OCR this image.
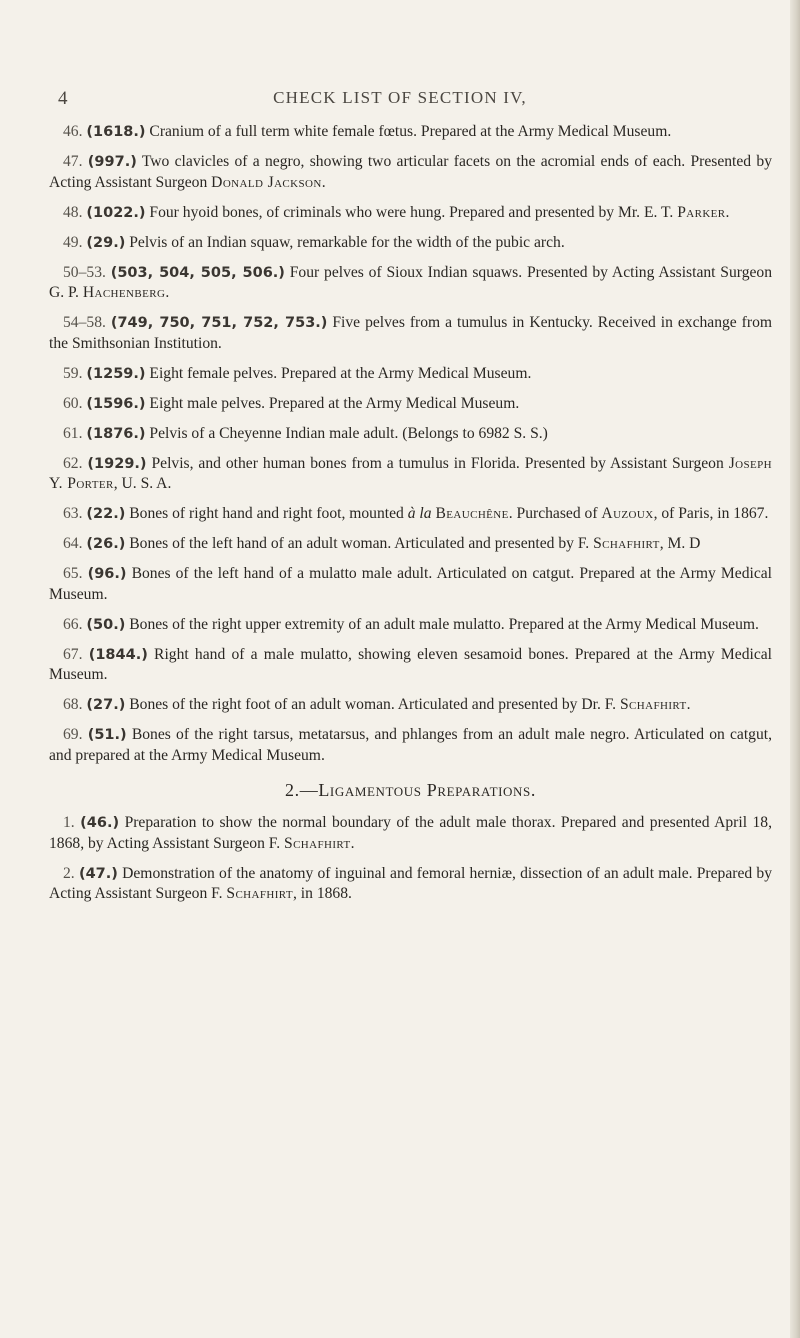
4	CHECK LIST OF SECTION IV,

46. (1618.) Cranium of a full term white female fœtus. Prepared at the Army Medical Museum.

47. (997.) Two clavicles of a negro, showing two articular facets on the acromial ends of each. Presented by Acting Assistant Surgeon Donald Jackson.

48. (1022.) Four hyoid bones, of criminals who were hung. Prepared and presented by Mr. E. T. Parker.

49. (29.) Pelvis of an Indian squaw, remarkable for the width of the pubic arch.

50–53. (503, 504, 505, 506.) Four pelves of Sioux Indian squaws. Presented by Acting Assistant Surgeon G. P. Hachenberg.

54–58. (749, 750, 751, 752, 753.) Five pelves from a tumulus in Kentucky. Received in exchange from the Smithsonian Institution.

59. (1259.) Eight female pelves. Prepared at the Army Medical Museum.

60. (1596.) Eight male pelves. Prepared at the Army Medical Museum.

61. (1876.) Pelvis of a Cheyenne Indian male adult. (Belongs to 6982 S. S.)

62. (1929.) Pelvis, and other human bones from a tumulus in Florida. Presented by Assistant Surgeon Joseph Y. Porter, U. S. A.

63. (22.) Bones of right hand and right foot, mounted à la Beauchêne. Purchased of Auzoux, of Paris, in 1867.

64. (26.) Bones of the left hand of an adult woman. Articulated and presented by F. Schafhirt, M. D

65. (96.) Bones of the left hand of a mulatto male adult. Articulated on catgut. Prepared at the Army Medical Museum.

66. (50.) Bones of the right upper extremity of an adult male mulatto. Prepared at the Army Medical Museum.

67. (1844.) Right hand of a male mulatto, showing eleven sesamoid bones. Prepared at the Army Medical Museum.

68. (27.) Bones of the right foot of an adult woman. Articulated and presented by Dr. F. Schafhirt.

69. (51.) Bones of the right tarsus, metatarsus, and phlanges from an adult male negro. Articulated on catgut, and prepared at the Army Medical Museum.

2.—Ligamentous Preparations.

1. (46.) Preparation to show the normal boundary of the adult male thorax. Prepared and presented April 18, 1868, by Acting Assistant Surgeon F. Schafhirt.

2. (47.) Demonstration of the anatomy of inguinal and femoral herniæ, dissection of an adult male. Prepared by Acting Assistant Surgeon F. Schafhirt, in 1868.
